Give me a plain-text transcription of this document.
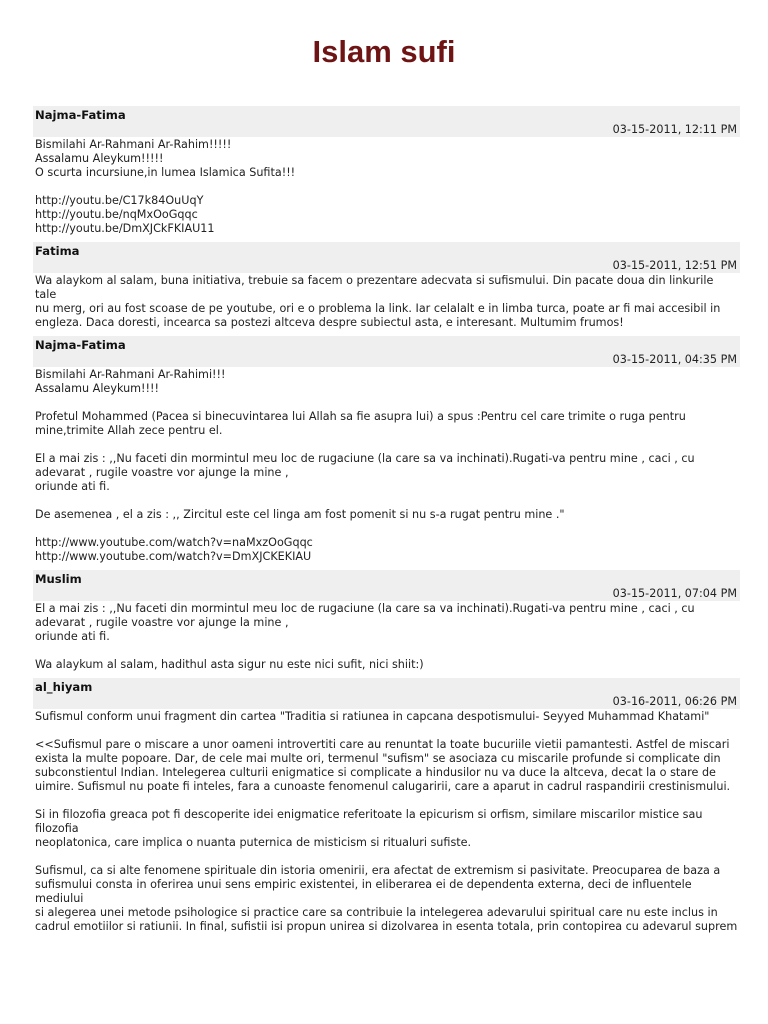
Islam sufi
Najma-Fatima
03-15-2011, 12:11 PM
Bismilahi Ar-Rahmani Ar-Rahim!!!!!
Assalamu Aleykum!!!!!
O scurta incursiune,in lumea Islamica Sufita!!!

http://youtu.be/C17k84OuUqY
http://youtu.be/nqMxOoGqqc
http://youtu.be/DmXJCkFKIAU11
Fatima
03-15-2011, 12:51 PM
Wa alaykom al salam, buna initiativa, trebuie sa facem o prezentare adecvata si sufismului. Din pacate doua din linkurile tale
nu merg, ori au fost scoase de pe youtube, ori e o problema la link. Iar celalalt e in limba turca, poate ar fi mai accesibil in
engleza. Daca doresti, incearca sa postezi altceva despre subiectul asta, e interesant. Multumim frumos!
Najma-Fatima
03-15-2011, 04:35 PM
Bismilahi Ar-Rahmani Ar-Rahimi!!!
Assalamu Aleykum!!!!

Profetul Mohammed (Pacea si binecuvintarea lui Allah sa fie asupra lui) a spus :Pentru cel care trimite o ruga pentru
mine,trimite Allah zece pentru el.

El a mai zis : ,,Nu faceti din mormintul meu loc de rugaciune (la care sa va inchinati).Rugati-va pentru mine , caci , cu
adevarat , rugile voastre vor ajunge la mine ,
oriunde ati fi.

De asemenea , el a zis : ,, Zircitul este cel linga am fost pomenit si nu s-a rugat pentru mine ."

http://www.youtube.com/watch?v=naMxzOoGqqc
http://www.youtube.com/watch?v=DmXJCKEKIAU
Muslim
03-15-2011, 07:04 PM
El a mai zis : ,,Nu faceti din mormintul meu loc de rugaciune (la care sa va inchinati).Rugati-va pentru mine , caci , cu
adevarat , rugile voastre vor ajunge la mine ,
oriunde ati fi.

Wa alaykum al salam, hadithul asta sigur nu este nici sufit, nici shiit:)
al_hiyam
03-16-2011, 06:26 PM
Sufismul conform unui fragment din cartea "Traditia si ratiunea in capcana despotismului- Seyyed Muhammad Khatami"

<<Sufismul pare o miscare a unor oameni introvertiti care au renuntat la toate bucuriile vietii pamantesti. Astfel de miscari
exista la multe popoare. Dar, de cele mai multe ori, termenul "sufism" se asociaza cu miscarile profunde si complicate din
subconstientul Indian. Intelegerea culturii enigmatice si complicate a hindusilor nu va duce la altceva, decat la o stare de
uimire. Sufismul nu poate fi inteles, fara a cunoaste fenomenul calugaririi, care a aparut in cadrul raspandirii crestinismului.

Si in filozofia greaca pot fi descoperite idei enigmatice referitoate la epicurism si orfism, similare miscarilor mistice sau filozofia
neoplatonica, care implica o nuanta puternica de misticism si ritualuri sufiste.

Sufismul, ca si alte fenomene spirituale din istoria omenirii, era afectat de extremism si pasivitate. Preocuparea de baza a
sufismului consta in oferirea unui sens empiric existentei, in eliberarea ei de dependenta externa, deci de influentele mediului
si alegerea unei metode psihologice si practice care sa contribuie la intelegerea adevarului spiritual care nu este inclus in
cadrul emotiilor si ratiunii. In final, sufistii isi propun unirea si dizolvarea in esenta totala, prin contopirea cu adevarul suprem
